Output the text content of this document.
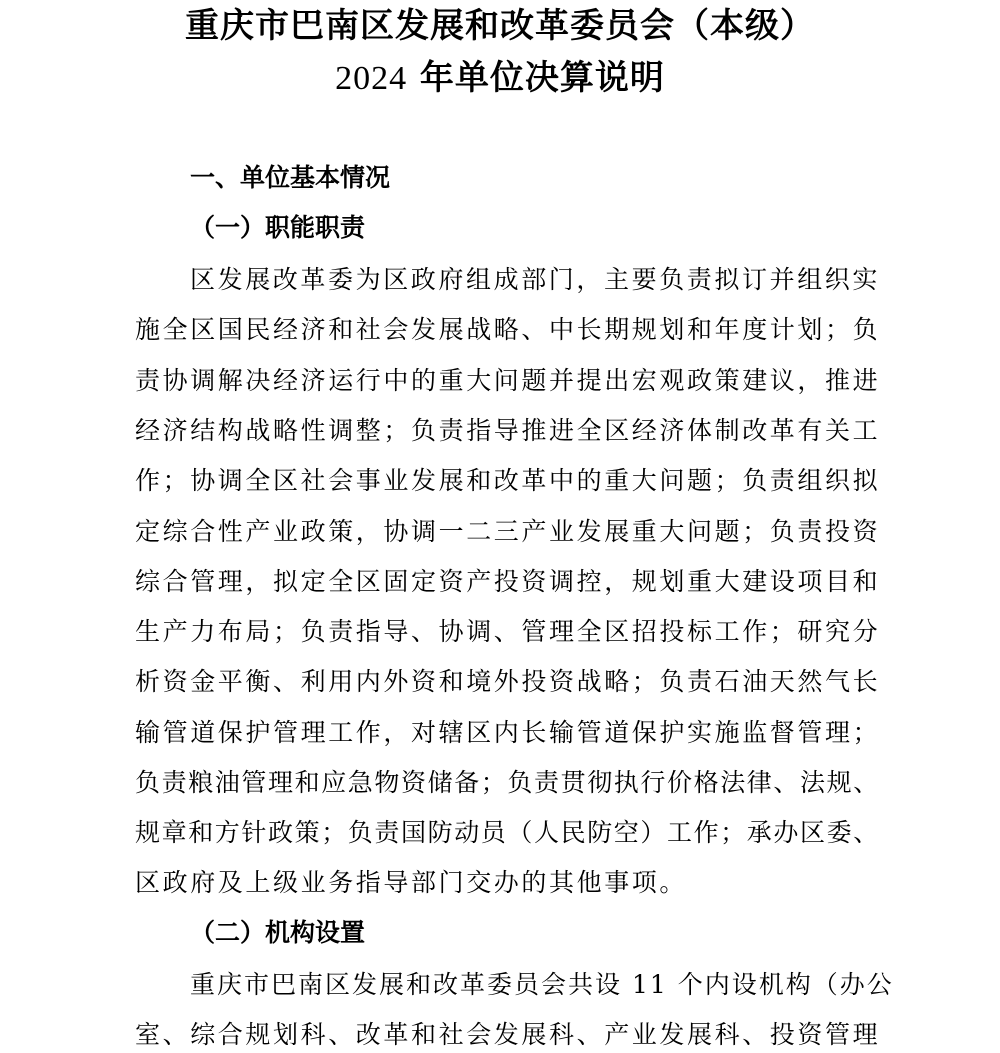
重庆市巴南区发展和改革委员会（本级）
2024 年单位决算说明
一、单位基本情况
（一）职能职责
区发展改革委为区政府组成部门，主要负责拟订并组织实
施全区国民经济和社会发展战略、中长期规划和年度计划；负
责协调解决经济运行中的重大问题并提出宏观政策建议，推进
经济结构战略性调整；负责指导推进全区经济体制改革有关工
作；协调全区社会事业发展和改革中的重大问题；负责组织拟
定综合性产业政策，协调一二三产业发展重大问题；负责投资
综合管理，拟定全区固定资产投资调控，规划重大建设项目和
生产力布局；负责指导、协调、管理全区招投标工作；研究分
析资金平衡、利用内外资和境外投资战略；负责石油天然气长
输管道保护管理工作，对辖区内长输管道保护实施监督管理；
负责粮油管理和应急物资储备；负责贯彻执行价格法律、法规、
规章和方针政策；负责国防动员（人民防空）工作；承办区委、
区政府及上级业务指导部门交办的其他事项。
（二）机构设置
重庆市巴南区发展和改革委员会共设 11 个内设机构（办公
室、综合规划科、改革和社会发展科、产业发展科、投资管理
